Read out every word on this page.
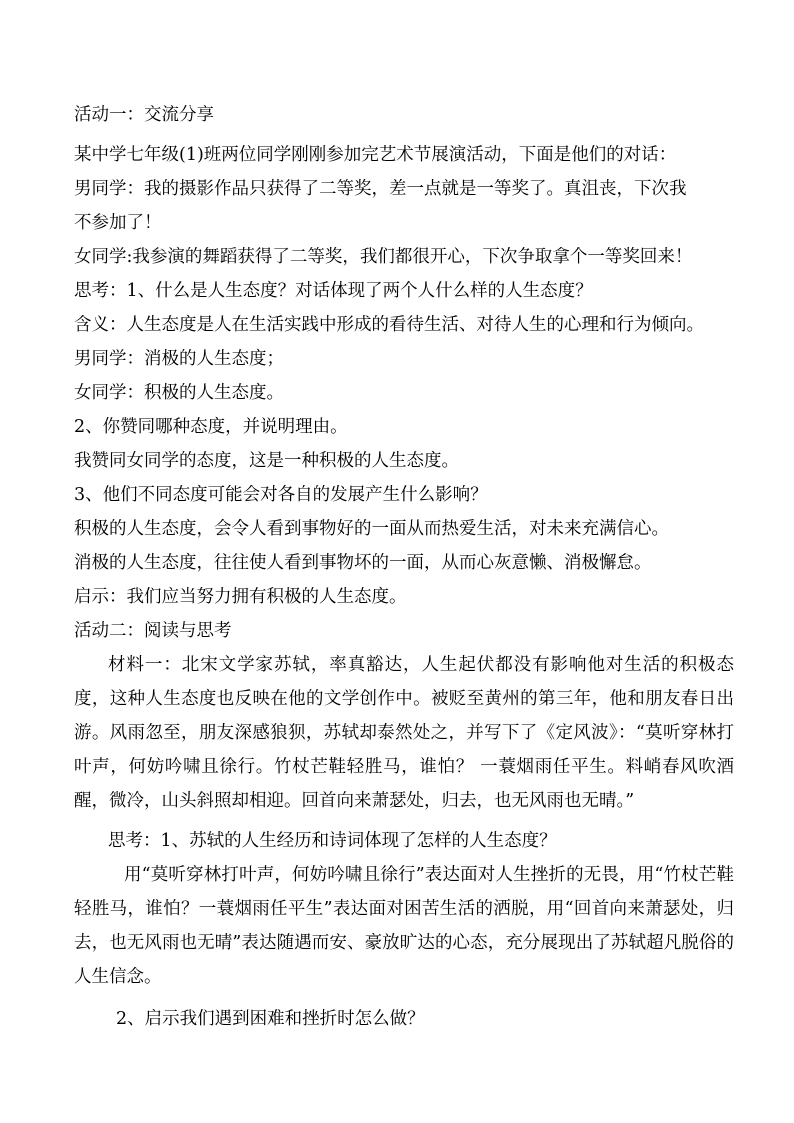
活动一：交流分享

某中学七年级(1)班两位同学刚刚参加完艺术节展演活动，下面是他们的对话：

男同学：我的摄影作品只获得了二等奖，差一点就是一等奖了。真沮丧，下次我

不参加了！

女同学:我参演的舞蹈获得了二等奖，我们都很开心，下次争取拿个一等奖回来！

思考：1、什么是人生态度？对话体现了两个人什么样的人生态度？

含义：人生态度是人在生活实践中形成的看待生活、对待人生的心理和行为倾向。

男同学：消极的人生态度；

女同学：积极的人生态度。

2、你赞同哪种态度，并说明理由。

我赞同女同学的态度，这是一种积极的人生态度。

3、他们不同态度可能会对各自的发展产生什么影响？

积极的人生态度，会令人看到事物好的一面从而热爱生活，对未来充满信心。

消极的人生态度，往往使人看到事物坏的一面，从而心灰意懒、消极懈怠。

启示：我们应当努力拥有积极的人生态度。

活动二：阅读与思考

材料一：北宋文学家苏轼，率真豁达，人生起伏都没有影响他对生活的积极态度，这种人生态度也反映在他的文学创作中。被贬至黄州的第三年，他和朋友春日出游。风雨忽至，朋友深感狼狈，苏轼却泰然处之，并写下了《定风波》：“莫听穿林打叶声，何妨吟啸且徐行。竹杖芒鞋轻胜马，谁怕？ 一蓑烟雨任平生。料峭春风吹酒醒，微冷，山头斜照却相迎。回首向来萧瑟处，归去，也无风雨也无晴。”

思考：1、苏轼的人生经历和诗词体现了怎样的人生态度？

用“莫听穿林打叶声，何妨吟啸且徐行”表达面对人生挫折的无畏，用“竹杖芒鞋轻胜马，谁怕？一蓑烟雨任平生”表达面对困苦生活的洒脱，用“回首向来萧瑟处，归去，也无风雨也无晴”表达随遇而安、豪放旷达的心态，充分展现出了苏轼超凡脱俗的人生信念。

2、启示我们遇到困难和挫折时怎么做？
